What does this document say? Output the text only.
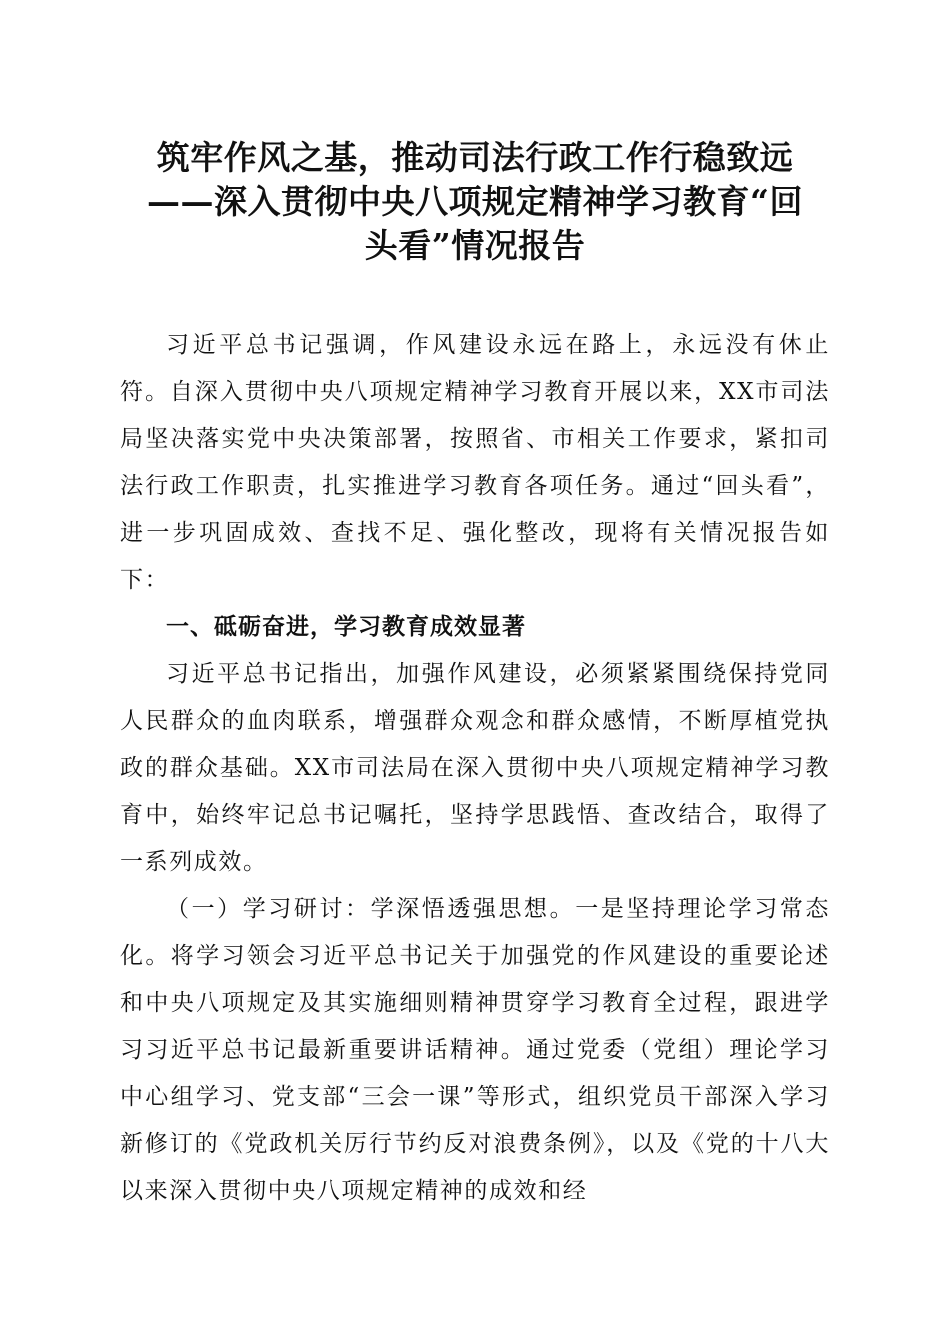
筑牢作风之基，推动司法行政工作行稳致远
——深入贯彻中央八项规定精神学习教育“回
头看”情况报告

习近平总书记强调，作风建设永远在路上，永远没有休止符。自深入贯彻中央八项规定精神学习教育开展以来，XX市司法局坚决落实党中央决策部署，按照省、市相关工作要求，紧扣司法行政工作职责，扎实推进学习教育各项任务。通过“回头看”，进一步巩固成效、查找不足、强化整改，现将有关情况报告如下：

一、砥砺奋进，学习教育成效显著

习近平总书记指出，加强作风建设，必须紧紧围绕保持党同人民群众的血肉联系，增强群众观念和群众感情，不断厚植党执政的群众基础。XX市司法局在深入贯彻中央八项规定精神学习教育中，始终牢记总书记嘱托，坚持学思践悟、查改结合，取得了一系列成效。

（一）学习研讨：学深悟透强思想。一是坚持理论学习常态化。将学习领会习近平总书记关于加强党的作风建设的重要论述和中央八项规定及其实施细则精神贯穿学习教育全过程，跟进学习习近平总书记最新重要讲话精神。通过党委（党组）理论学习中心组学习、党支部“三会一课”等形式，组织党员干部深入学习新修订的《党政机关厉行节约反对浪费条例》，以及《党的十八大以来深入贯彻中央八项规定精神的成效和经
